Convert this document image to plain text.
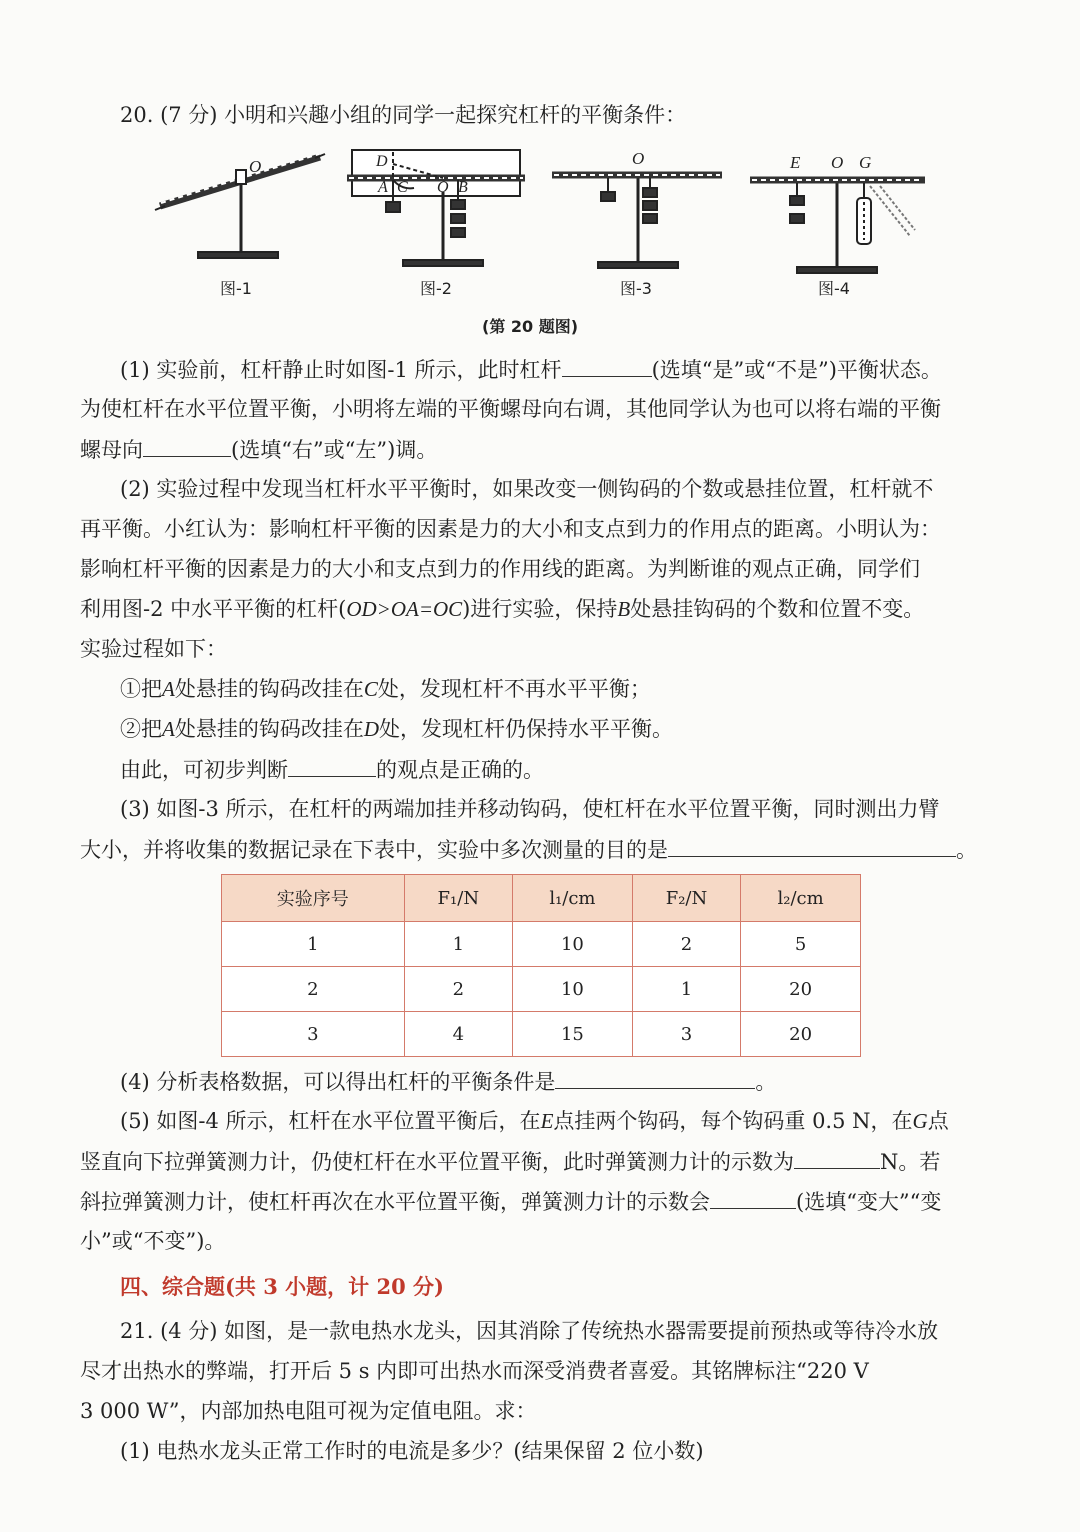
20. (7 分) 小明和兴趣小组的同学一起探究杠杆的平衡条件：
O	D
A C O B
O	E O G
图-1	图-2	图-3	图-4
(第 20 题图)
(1) 实验前，杠杆静止时如图-1 所示，此时杠杆	(选填“是”或“不是”)平衡状态。
为使杠杆在水平位置平衡，小明将左端的平衡螺母向右调，其他同学认为也可以将右端的平衡
螺母向	(选填“右”或“左”)调。
(2) 实验过程中发现当杠杆水平平衡时，如果改变一侧钩码的个数或悬挂位置，杠杆就不
再平衡。小红认为：影响杠杆平衡的因素是力的大小和支点到力的作用点的距离。小明认为：
影响杠杆平衡的因素是力的大小和支点到力的作用线的距离。为判断谁的观点正确，同学们
利用图-2 中水平平衡的杠杆(OD>OA=OC)进行实验，保持B处悬挂钩码的个数和位置不变。
实验过程如下：
①把A处悬挂的钩码改挂在C处，发现杠杆不再水平平衡；
②把A处悬挂的钩码改挂在D处，发现杠杆仍保持水平平衡。
由此，可初步判断	的观点是正确的。
(3) 如图-3 所示，在杠杆的两端加挂并移动钩码，使杠杆在水平位置平衡，同时测出力臂
大小，并将收集的数据记录在下表中，实验中多次测量的目的是	。
实验序号	F₁/N	l₁/cm	F₂/N	l₂/cm
1	1	10	2	5
2	2	10	1	20
3	4	15	3	20
(4) 分析表格数据，可以得出杠杆的平衡条件是	。
(5) 如图-4 所示，杠杆在水平位置平衡后，在E点挂两个钩码，每个钩码重 0.5 N，在G点
竖直向下拉弹簧测力计，仍使杠杆在水平位置平衡，此时弹簧测力计的示数为	N。若
斜拉弹簧测力计，使杠杆再次在水平位置平衡，弹簧测力计的示数会	(选填“变大”“变
小”或“不变”)。
四、综合题(共 3 小题，计 20 分)
21. (4 分) 如图，是一款电热水龙头，因其消除了传统热水器需要提前预热或等待冷水放
尽才出热水的弊端，打开后 5 s 内即可出热水而深受消费者喜爱。其铭牌标注“220 V
3 000 W”，内部加热电阻可视为定值电阻。求：
(1) 电热水龙头正常工作时的电流是多少？(结果保留 2 位小数)
